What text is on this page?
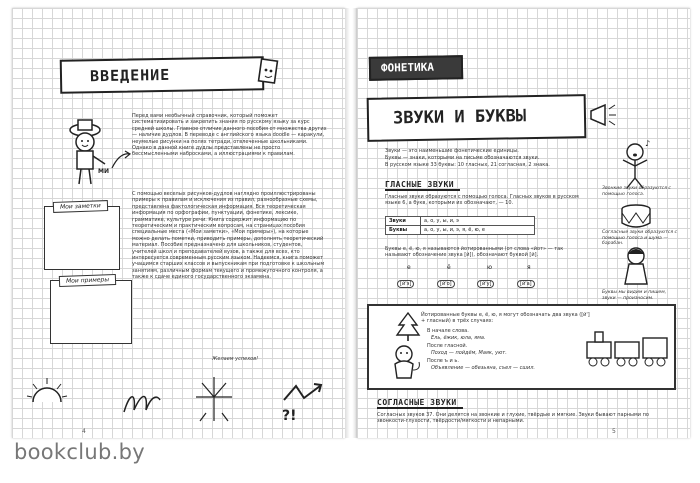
ВВЕДЕНИЕ
МИ
Перед вами необычный справочник, который поможет систематизировать и закрепить знания по русскому языку за курс средней школы. Главное отличие данного пособия от множества других — наличие дудлов. В переводе с английского языка doodle — каракули, неумелые рисунки на полях тетради, отвлеченные школьниками. Однако в данной книге дудлы представлены не просто бессмысленными набросками, а иллюстрациями к правилам.
С помощью веселых рисунков-дудлов наглядно проиллюстрированы примеры к правилам и исключения из правил, разнообразные схемы, представлена фактологическая информация. Вся теоретическая информация по орфографии, пунктуации, фонетике, лексике, грамматике, культуре речи. Книга содержит информацию по теоретическим и практическим вопросам, на страницах пособия специальные места («Мои заметки», «Мои примеры»), на которые можно делать пометки, приводить примеры, дополнять теоретический материал. Пособие предназначено для школьников, студентов, учителей школ и преподавателей вузов, а также для всех, кто интересуется современным русским языком. Надеемся, книга поможет учащимся старших классов и выпускникам при подготовке к школьным занятиям, различным формам текущего и промежуточного контроля, а также к сдаче единого государственного экзамена.
Желаем успехов!
Мои заметки
Мои примеры
?!
4
ФОНЕТИКА
ЗВУКИ И БУКВЫ
Звуки — это наименьшие фонетические единицы.
Буквы — знаки, которыми на письме обозначаются звуки.
В русском языке 33 буквы: 10 гласных, 21 согласная, 2 знака.
ГЛАСНЫЕ ЗВУКИ
Гласные звуки образуются с помощью голоса. Гласных звуков в русском языке 6, а букв, которыми их обозначают, — 10.
Звуки	а, о, у, ы, и, э
Буквы	а, о, у, ы, и, э, я, ё, ю, е
Буквы е, ё, ю, я называются йотированными (от слова «йот» — так называют обозначение звука [й]), обозначают буквой [й].
е	ё	ю	я
[й'э]	[й'о]	[й'у]	[й'а]
♪
Звонкие звуки образуются с помощью голоса.
Согласные звуки образуются с помощью голоса и шума — барабан.
Буквы мы видим и пишем, звуки — произносим.
Йотированные буквы е, ё, ю, я могут обозначать два звука ([й'] + гласный) в трёх случаях:
В начале слова.
Ель, ёжик, юла, яма.
После гласной.
Поход — пойдём, Маяк, уют.
После ъ и ь.
Объявление — обезьяна, съел — сшил.
СОГЛАСНЫЕ ЗВУКИ
Согласных звуков 37. Они делятся на звонкие и глухие, твёрдые и мягкие. Звуки бывают парными по звонкости-глухости, твёрдости/мягкости и непарными.
5
bookclub.by
